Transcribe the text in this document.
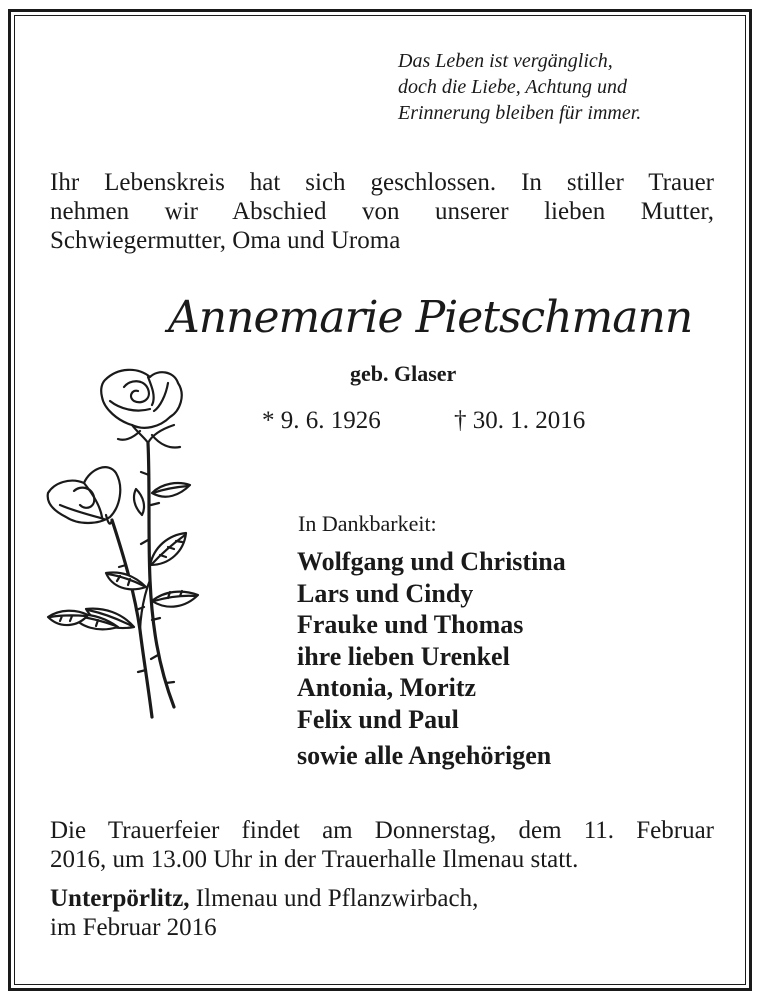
Das Leben ist vergänglich,
doch die Liebe, Achtung und
Erinnerung bleiben für immer.
Ihr Lebenskreis hat sich geschlossen. In stiller Trauer
nehmen wir Abschied von unserer lieben Mutter,
Schwiegermutter, Oma und Uroma
Annemarie Pietschmann
geb. Glaser
* 9. 6. 1926	† 30. 1. 2016
In Dankbarkeit:
Wolfgang und Christina
Lars und Cindy
Frauke und Thomas
ihre lieben Urenkel
Antonia, Moritz
Felix und Paul
sowie alle Angehörigen
Die Trauerfeier findet am Donnerstag, dem 11. Februar
2016, um 13.00 Uhr in der Trauerhalle Ilmenau statt.
Unterpörlitz, Ilmenau und Pflanzwirbach,
im Februar 2016
